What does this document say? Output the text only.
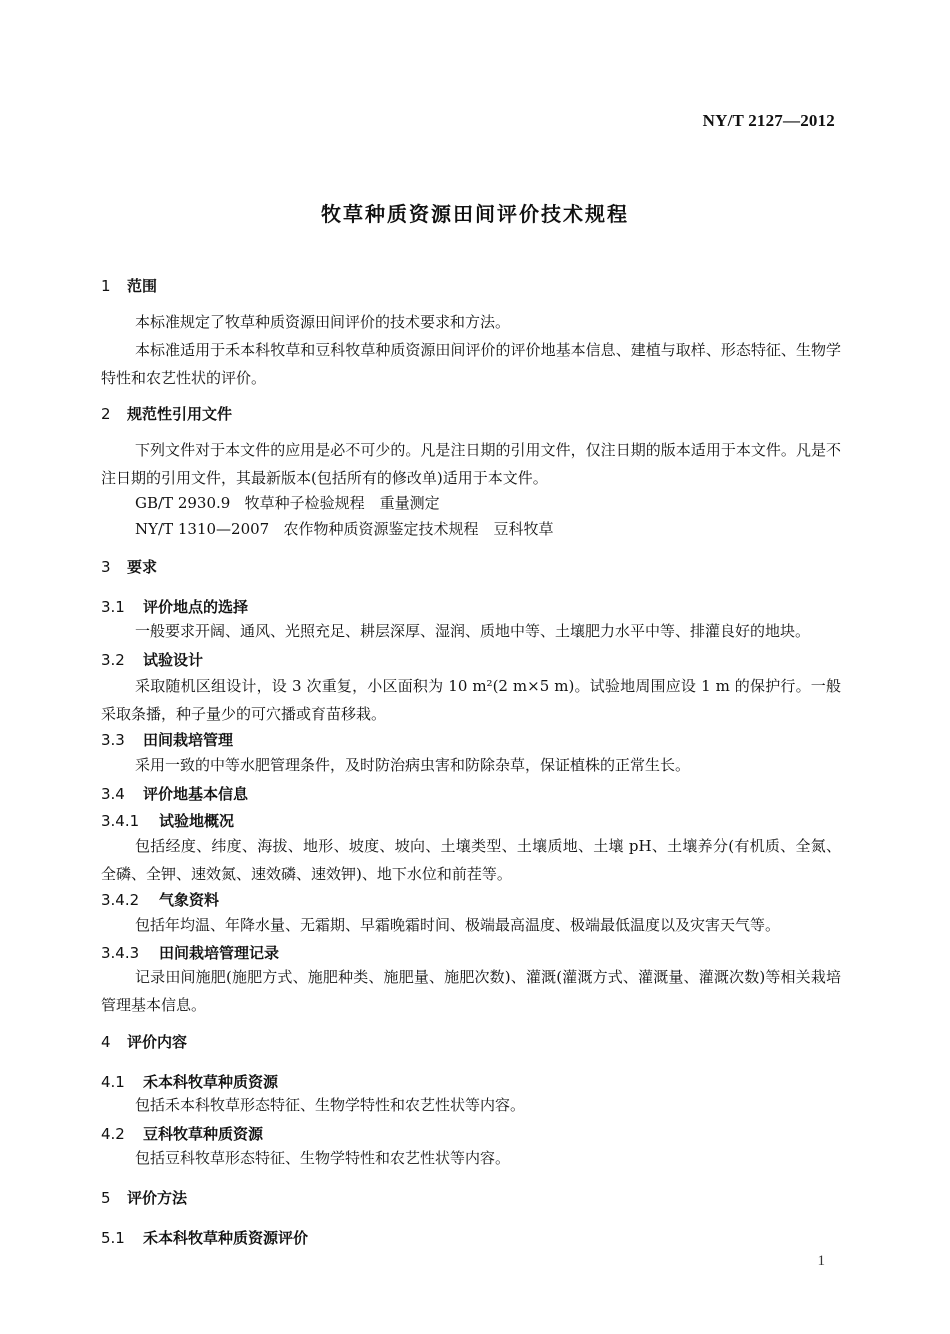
NY/T 2127—2012
牧草种质资源田间评价技术规程
1 范围

本标准规定了牧草种质资源田间评价的技术要求和方法。

本标准适用于禾本科牧草和豆科牧草种质资源田间评价的评价地基本信息、建植与取样、形态特征、生物学特性和农艺性状的评价。

2 规范性引用文件

下列文件对于本文件的应用是必不可少的。凡是注日期的引用文件，仅注日期的版本适用于本文件。凡是不注日期的引用文件，其最新版本(包括所有的修改单)适用于本文件。

GB/T 2930.9 牧草种子检验规程　重量测定
NY/T 1310—2007 农作物种质资源鉴定技术规程　豆科牧草
3 要求
3.1 评价地点的选择

一般要求开阔、通风、光照充足、耕层深厚、湿润、质地中等、土壤肥力水平中等、排灌良好的地块。

3.2 试验设计

采取随机区组设计，设 3 次重复，小区面积为 10 m²(2 m×5 m)。试验地周围应设 1 m 的保护行。一般采取条播，种子量少的可穴播或育苗移栽。

3.3 田间栽培管理

采用一致的中等水肥管理条件，及时防治病虫害和防除杂草，保证植株的正常生长。

3.4 评价地基本信息
3.4.1 试验地概况

包括经度、纬度、海拔、地形、坡度、坡向、土壤类型、土壤质地、土壤 pH、土壤养分(有机质、全氮、全磷、全钾、速效氮、速效磷、速效钾)、地下水位和前茬等。

3.4.2 气象资料

包括年均温、年降水量、无霜期、早霜晚霜时间、极端最高温度、极端最低温度以及灾害天气等。

3.4.3 田间栽培管理记录

记录田间施肥(施肥方式、施肥种类、施肥量、施肥次数)、灌溉(灌溉方式、灌溉量、灌溉次数)等相关栽培管理基本信息。

4 评价内容
4.1 禾本科牧草种质资源

包括禾本科牧草形态特征、生物学特性和农艺性状等内容。

4.2 豆科牧草种质资源

包括豆科牧草形态特征、生物学特性和农艺性状等内容。

5 评价方法
5.1 禾本科牧草种质资源评价
1
